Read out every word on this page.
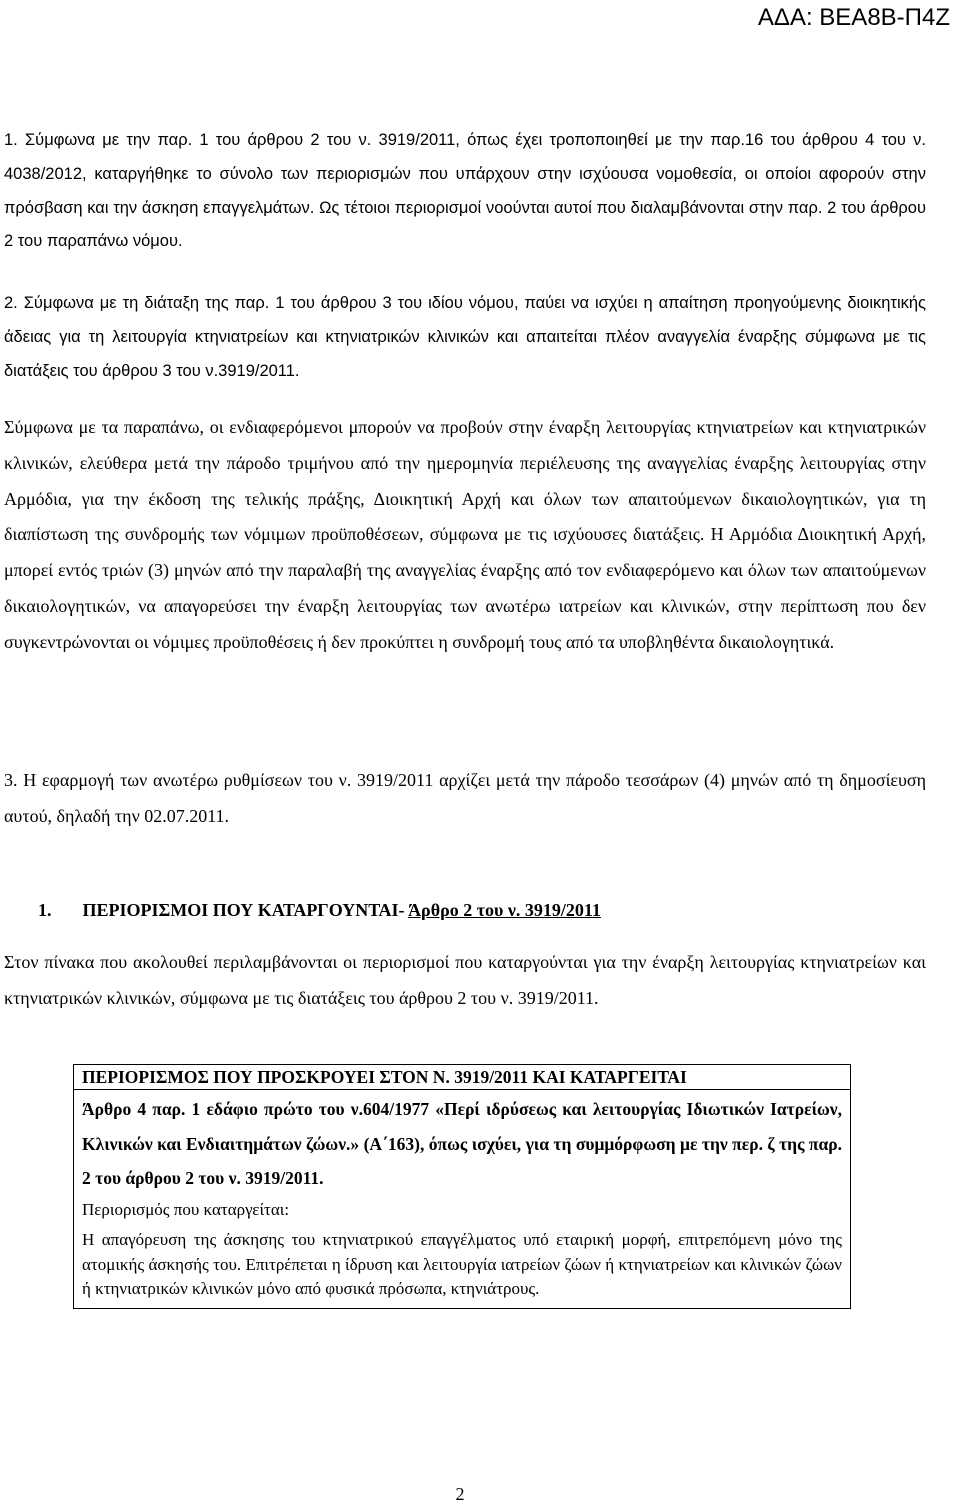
ΑΔΑ: ΒΕΑ8Β-Π4Ζ

1. Σύμφωνα με την παρ. 1 του άρθρου 2 του ν. 3919/2011, όπως έχει τροποποιηθεί με την παρ.16 του άρθρου 4 του ν. 4038/2012, καταργήθηκε το σύνολο των περιορισμών που υπάρχουν στην ισχύουσα νομοθεσία, οι οποίοι αφορούν στην πρόσβαση και την άσκηση επαγγελμάτων. Ως τέτοιοι περιορισμοί νοούνται αυτοί που διαλαμβάνονται στην παρ. 2 του άρθρου 2 του παραπάνω νόμου.

2. Σύμφωνα με τη διάταξη της παρ. 1 του άρθρου 3 του ιδίου νόμου, παύει να ισχύει η απαίτηση προηγούμενης διοικητικής άδειας για τη λειτουργία κτηνιατρείων και κτηνιατρικών κλινικών και απαιτείται πλέον αναγγελία έναρξης σύμφωνα με τις διατάξεις του άρθρου 3 του ν.3919/2011.

Σύμφωνα με τα παραπάνω, οι ενδιαφερόμενοι μπορούν να προβούν στην έναρξη λειτουργίας κτηνιατρείων και κτηνιατρικών κλινικών, ελεύθερα μετά την πάροδο τριμήνου από την ημερομηνία περιέλευσης της αναγγελίας έναρξης λειτουργίας στην Αρμόδια, για την έκδοση της τελικής πράξης, Διοικητική Αρχή και όλων των απαιτούμενων δικαιολογητικών, για τη διαπίστωση της συνδρομής των νόμιμων προϋποθέσεων, σύμφωνα με τις ισχύουσες διατάξεις. Η Αρμόδια Διοικητική Αρχή, μπορεί εντός τριών (3) μηνών από την παραλαβή της αναγγελίας έναρξης από τον ενδιαφερόμενο και όλων των απαιτούμενων δικαιολογητικών, να απαγορεύσει την έναρξη λειτουργίας των ανωτέρω ιατρείων και κλινικών, στην περίπτωση που δεν συγκεντρώνονται οι νόμιμες προϋποθέσεις ή δεν προκύπτει η συνδρομή τους από τα υποβληθέντα δικαιολογητικά.

3. Η εφαρμογή των ανωτέρω ρυθμίσεων του ν. 3919/2011 αρχίζει μετά την πάροδο τεσσάρων (4) μηνών από τη δημοσίευση αυτού, δηλαδή την 02.07.2011.

1. ΠΕΡΙΟΡΙΣΜΟΙ ΠΟΥ ΚΑΤΑΡΓΟΥΝΤΑΙ- Άρθρο 2 του ν. 3919/2011

Στον πίνακα που ακολουθεί περιλαμβάνονται οι περιορισμοί που καταργούνται για την έναρξη λειτουργίας κτηνιατρείων και κτηνιατρικών κλινικών, σύμφωνα με τις διατάξεις του άρθρου 2 του ν. 3919/2011.

ΠΕΡΙΟΡΙΣΜΟΣ ΠΟΥ ΠΡΟΣΚΡΟΥΕΙ ΣΤΟΝ Ν. 3919/2011 ΚΑΙ ΚΑΤΑΡΓΕΙΤΑΙ

Άρθρο 4 παρ. 1 εδάφιο πρώτο του ν.604/1977 «Περί ιδρύσεως και λειτουργίας Ιδιωτικών Ιατρείων, Κλινικών και Ενδιαιτημάτων ζώων.» (Α΄163), όπως ισχύει, για τη συμμόρφωση με την περ. ζ της παρ. 2 του άρθρου 2 του ν. 3919/2011.

Περιορισμός που καταργείται:

Η απαγόρευση της άσκησης του κτηνιατρικού επαγγέλματος υπό εταιρική μορφή, επιτρεπόμενη μόνο της ατομικής άσκησής του. Επιτρέπεται η ίδρυση και λειτουργία ιατρείων ζώων ή κτηνιατρείων και κλινικών ζώων ή κτηνιατρικών κλινικών μόνο από φυσικά πρόσωπα, κτηνιάτρους.

2
